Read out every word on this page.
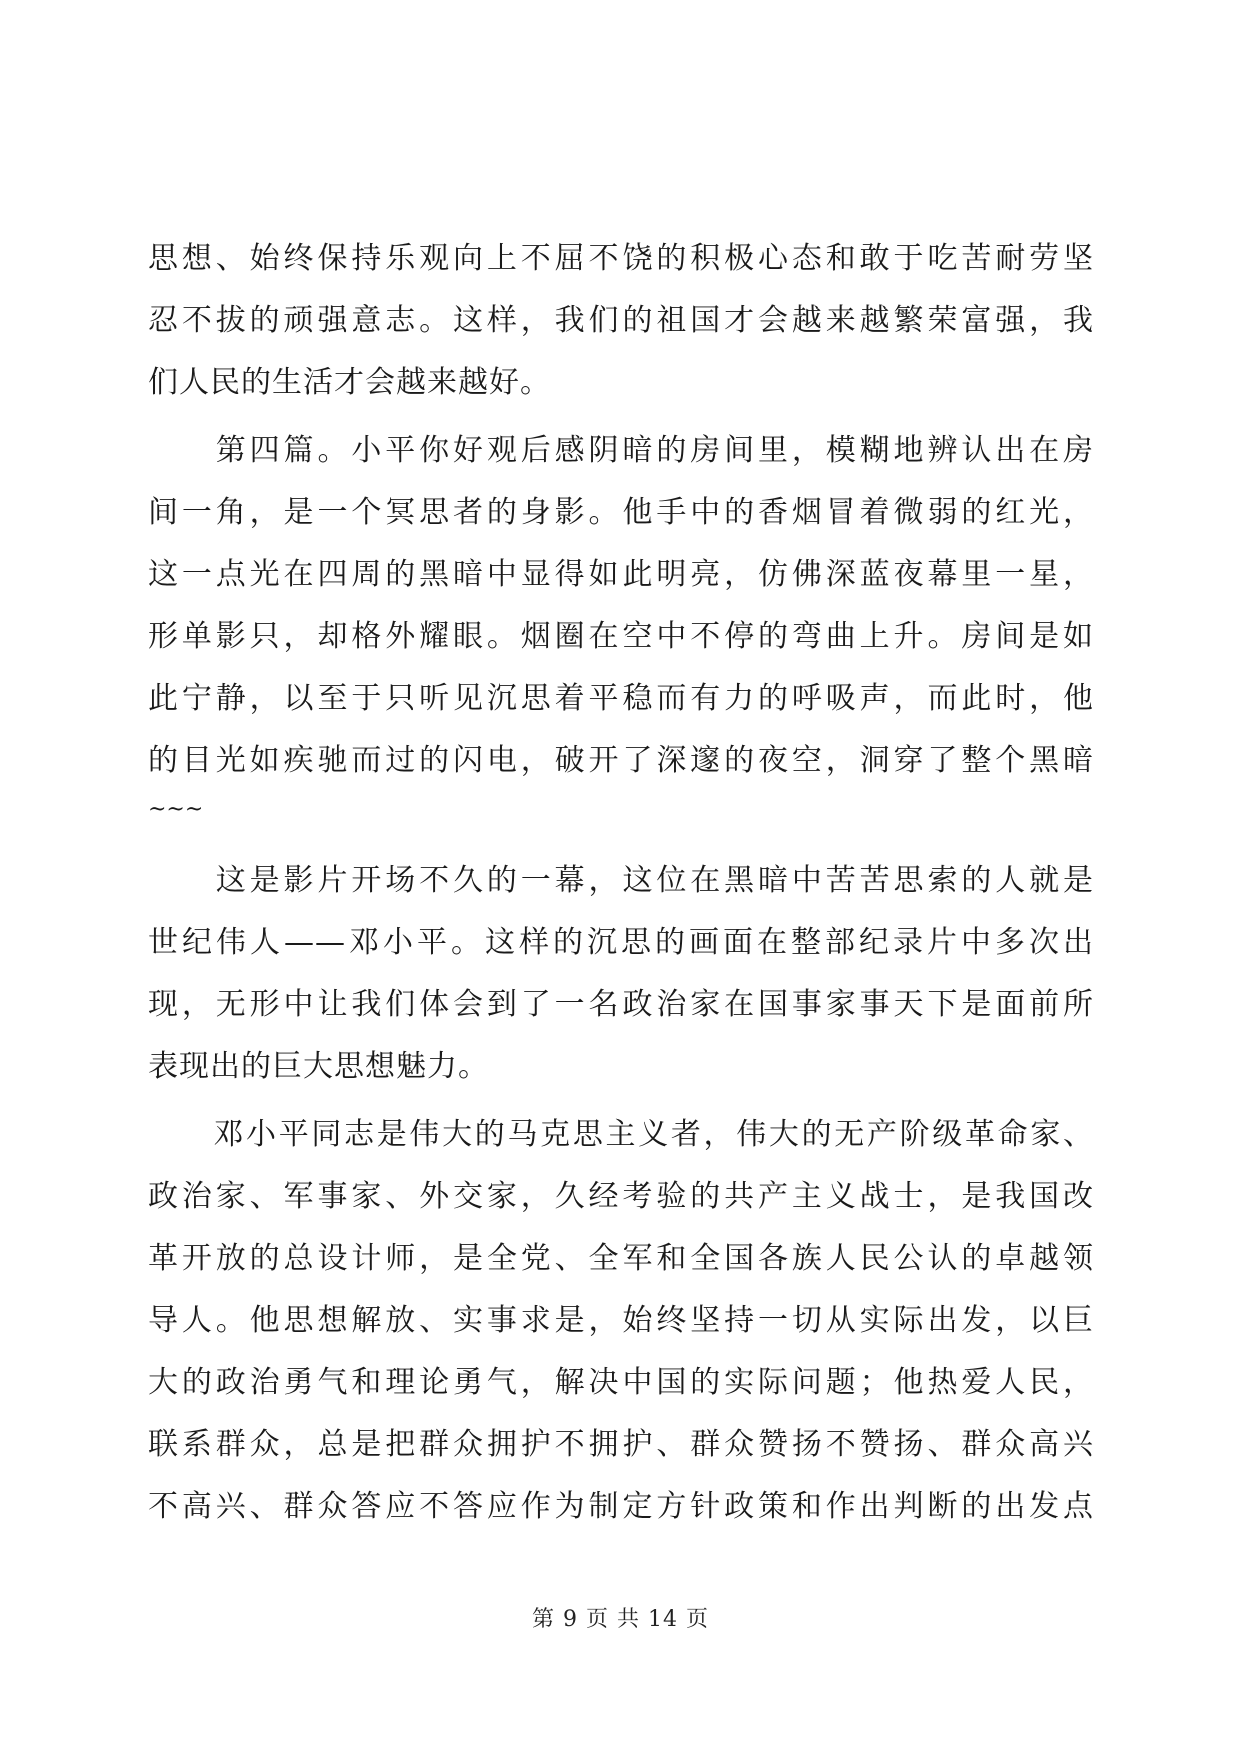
思想、始终保持乐观向上不屈不饶的积极心态和敢于吃苦耐劳坚
忍不拔的顽强意志。这样，我们的祖国才会越来越繁荣富强，我
们人民的生活才会越来越好。
　　第四篇。小平你好观后感阴暗的房间里，模糊地辨认出在房
间一角，是一个冥思者的身影。他手中的香烟冒着微弱的红光，
这一点光在四周的黑暗中显得如此明亮，仿佛深蓝夜幕里一星，
形单影只，却格外耀眼。烟圈在空中不停的弯曲上升。房间是如
此宁静，以至于只听见沉思着平稳而有力的呼吸声，而此时，他
的目光如疾驰而过的闪电，破开了深邃的夜空，洞穿了整个黑暗
~~~
　　这是影片开场不久的一幕，这位在黑暗中苦苦思索的人就是
世纪伟人——邓小平。这样的沉思的画面在整部纪录片中多次出
现，无形中让我们体会到了一名政治家在国事家事天下是面前所
表现出的巨大思想魅力。
　　邓小平同志是伟大的马克思主义者，伟大的无产阶级革命家、
政治家、军事家、外交家，久经考验的共产主义战士，是我国改
革开放的总设计师，是全党、全军和全国各族人民公认的卓越领
导人。他思想解放、实事求是，始终坚持一切从实际出发，以巨
大的政治勇气和理论勇气，解决中国的实际问题；他热爱人民，
联系群众，总是把群众拥护不拥护、群众赞扬不赞扬、群众高兴
不高兴、群众答应不答应作为制定方针政策和作出判断的出发点
第 9 页 共 14 页
